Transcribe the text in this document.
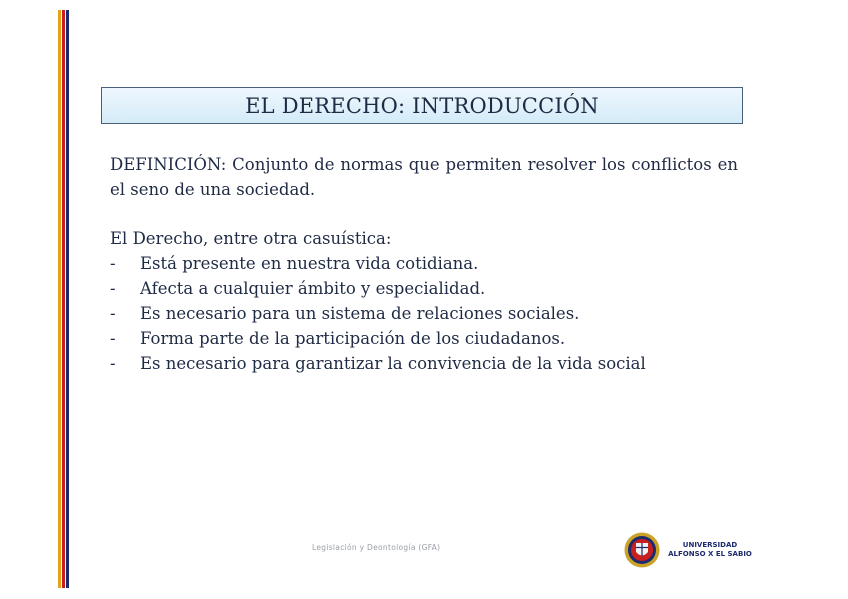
EL DERECHO: INTRODUCCIÓN

DEFINICIÓN: Conjunto de normas que permiten resolver los conflictos en el seno de una sociedad.

El Derecho, entre otra casuística:

-	Está presente en nuestra vida cotidiana.
-	Afecta a cualquier ámbito y especialidad.
-	Es necesario para un sistema de relaciones sociales.
-	Forma parte de la participación de los ciudadanos.
-	Es necesario para garantizar la convivencia de la vida social
Legislación y Deontología (GFA)	UNIVERSIDAD
ALFONSO X EL SABIO
